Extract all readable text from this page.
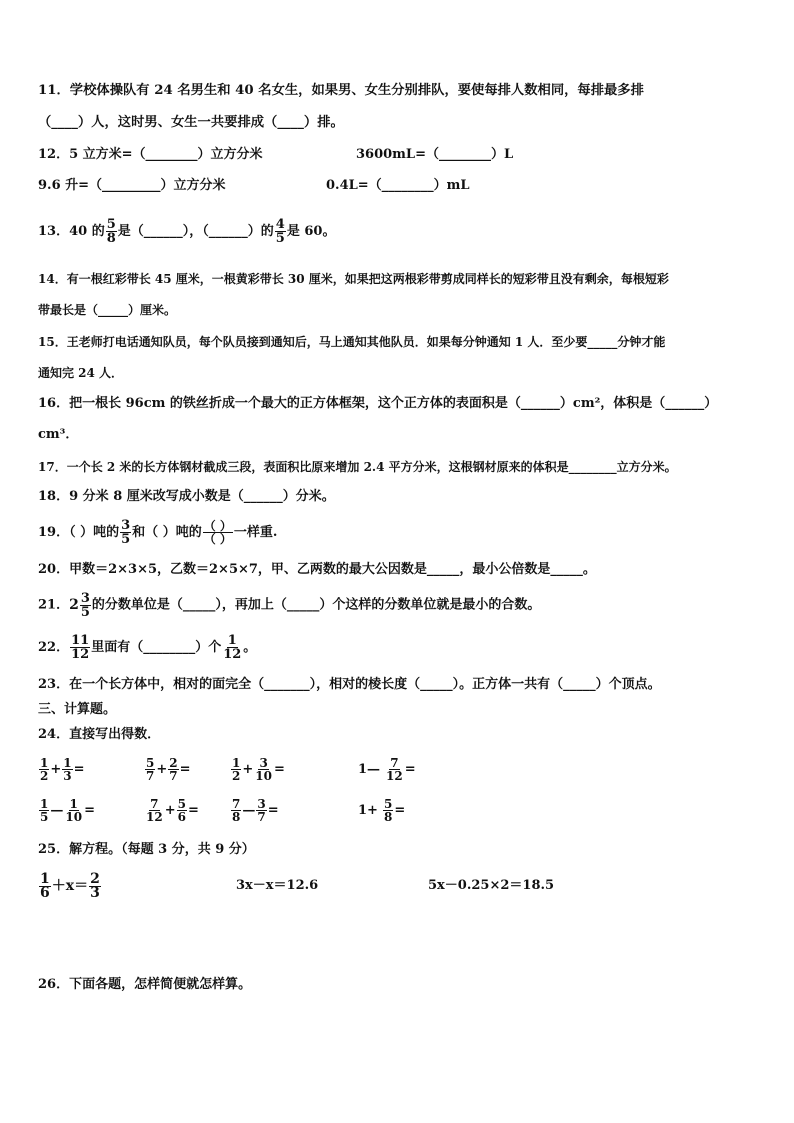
11．学校体操队有 24 名男生和 40 名女生，如果男、女生分别排队，要使每排人数相同，每排最多排
（____）人，这时男、女生一共要排成（____）排。
12．5 立方米=（________）立方分米	3600mL=（________）L
9.6 升=（_________）立方分米	0.4L=（________）mL
13．40 的 $\frac{5}{8}$ 是（______），（______）的 $\frac{4}{5}$ 是 60。
14．有一根红彩带长 45 厘米，一根黄彩带长 30 厘米，如果把这两根彩带剪成同样长的短彩带且没有剩余，每根短彩
带最长是（_____）厘米。
15．王老师打电话通知队员，每个队员接到通知后，马上通知其他队员．如果每分钟通知 1 人．至少要_____分钟才能
通知完 24 人．
16．把一根长 96cm 的铁丝折成一个最大的正方体框架，这个正方体的表面积是（______）cm²，体积是（______）
cm³．
17．一个长 2 米的长方体钢材截成三段，表面积比原来增加 2.4 平方分米，这根钢材原来的体积是________立方分米。
18．9 分米 8 厘米改写成小数是（______）分米。
19．（ ）吨的 $\frac{3}{5}$ 和（ ）吨的 （ ）
（ ） 一样重.
20．甲数＝2×3×5，乙数＝2×5×7，甲、乙两数的最大公因数是_____，最小公倍数是_____。
21．$2 \frac{3}{5}$ 的分数单位是（_____），再加上（_____）个这样的分数单位就是最小的合数。
22． $\frac{11}{12}$ 里面有（________）个 $\frac{1}{12}$ 。
23．在一个长方体中，相对的面完全（_______），相对的棱长度（_____）。正方体一共有（_____）个顶点。
三、计算题。
24．直接写出得数．
$\frac{1}{2} + \frac{1}{3}$ =	$\frac{5}{7} + \frac{2}{7}$ =	$\frac{1}{2} + \frac{3}{10}$ =	1— $\frac{7}{12}$ =
$\frac{1}{5}$ — $\frac{1}{10}$ =	$\frac{7}{12} + \frac{5}{6}$ =	$\frac{7}{8}$ — $\frac{3}{7}$ =	$1+ \frac{5}{8}$ =
25．解方程。（每题 3 分，共 9 分）
$\frac{1}{6} +x= \frac{2}{3}$	3x－x＝12.6	5x－0.25×2＝18.5
26．下面各题，怎样简便就怎样算。
